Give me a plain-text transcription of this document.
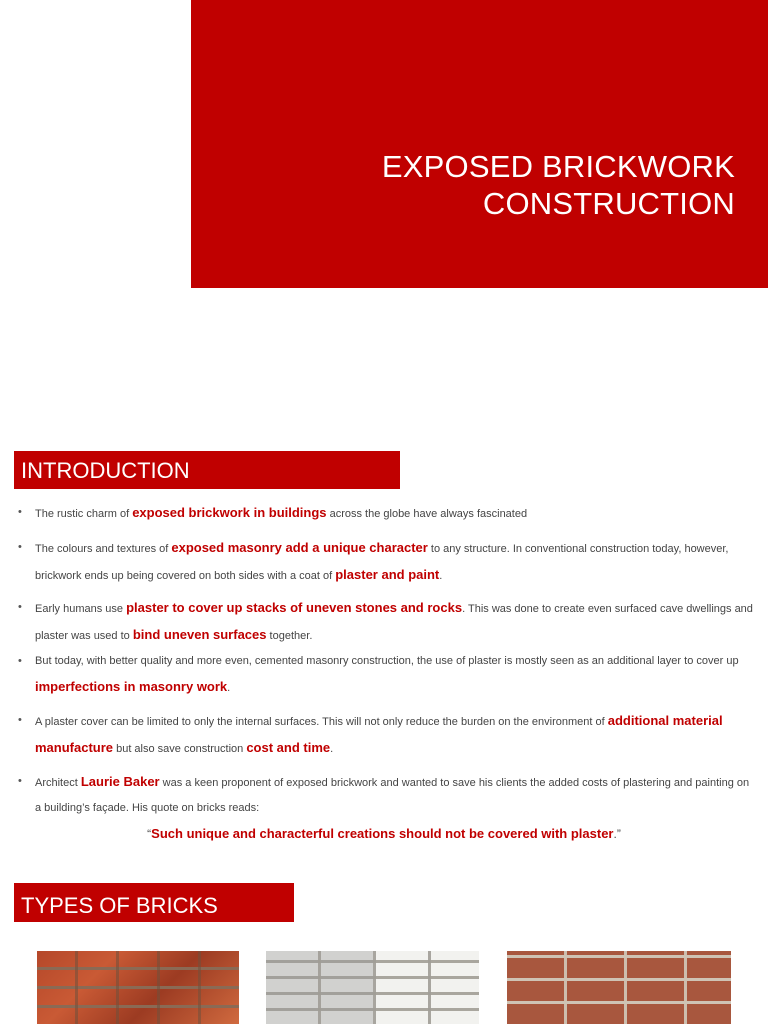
EXPOSED BRICKWORK
CONSTRUCTION
INTRODUCTION
• The rustic charm of exposed brickwork in buildings across the globe have always fascinated
• The colours and textures of exposed masonry add a unique character to any structure. In conventional construction today, however, brickwork ends up being covered on both sides with a coat of plaster and paint.
• Early humans use plaster to cover up stacks of uneven stones and rocks. This was done to create even surfaced cave dwellings and plaster was used to bind uneven surfaces together.
• But today, with better quality and more even, cemented masonry construction, the use of plaster is mostly seen as an additional layer to cover up imperfections in masonry work.
• A plaster cover can be limited to only the internal surfaces. This will not only reduce the burden on the environment of additional material manufacture but also save construction cost and time.
• Architect Laurie Baker was a keen proponent of exposed brickwork and wanted to save his clients the added costs of plastering and painting on a building’s façade. His quote on bricks reads:
“Such unique and characterful creations should not be covered with plaster.”
TYPES OF BRICKS
